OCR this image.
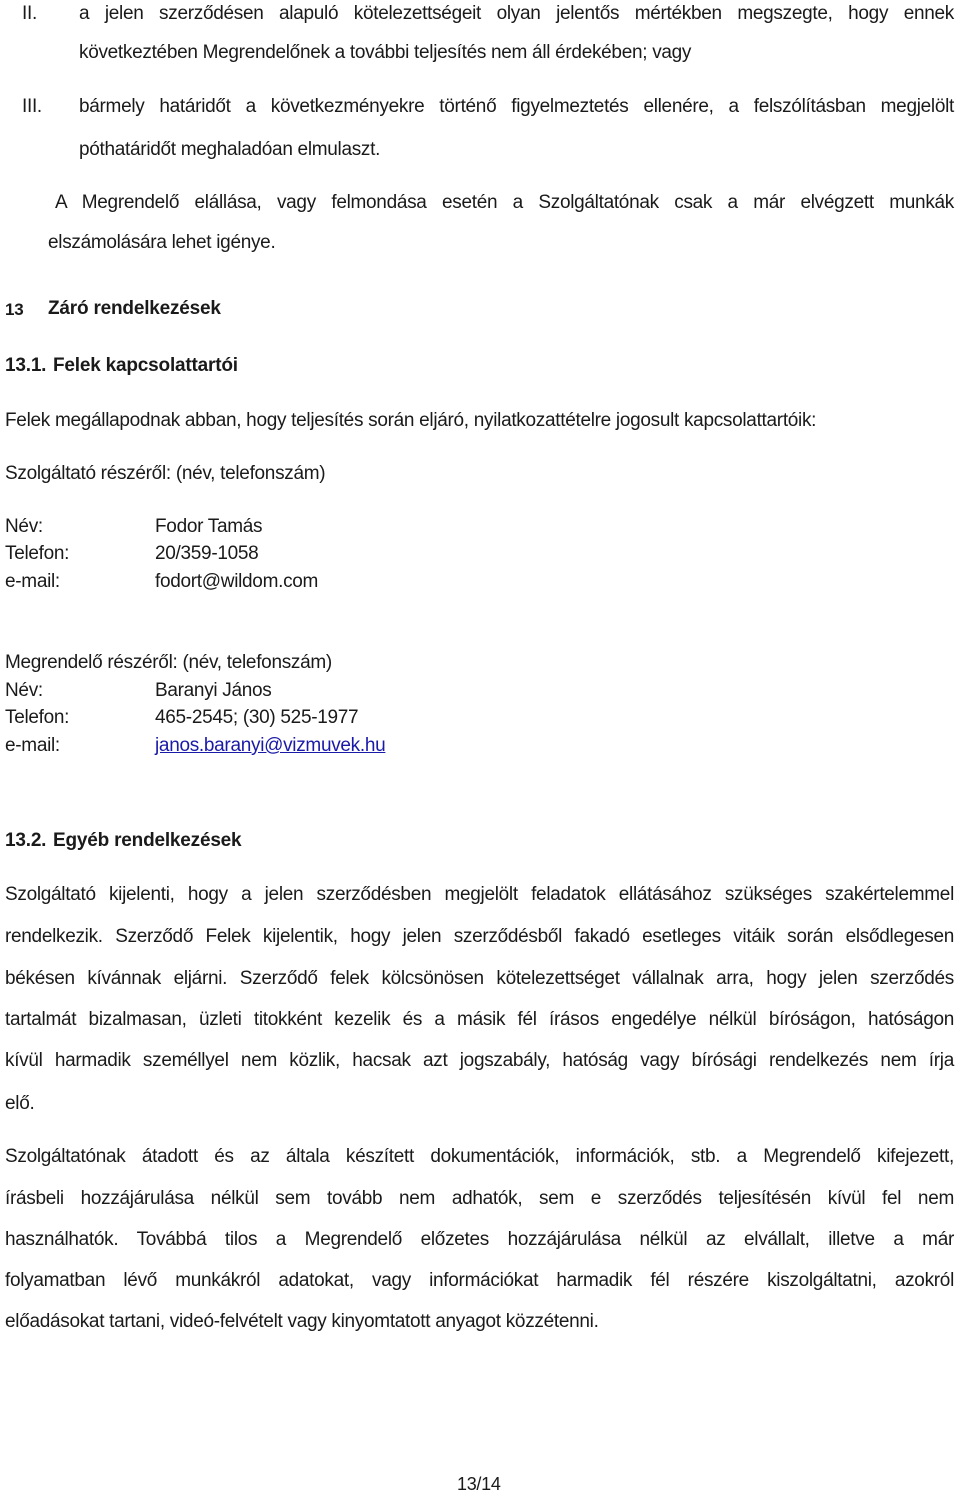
II. a jelen szerződésen alapuló kötelezettségeit olyan jelentős mértékben megszegte, hogy ennek
következtében Megrendelőnek a további teljesítés nem áll érdekében; vagy
III. bármely határidőt a következményekre történő figyelmeztetés ellenére, a felszólításban megjelölt
póthatáridőt meghaladóan elmulaszt.
A Megrendelő elállása, vagy felmondása esetén a Szolgáltatónak csak a már elvégzett munkák
elszámolására lehet igénye.
13 Záró rendelkezések
13.1. Felek kapcsolattartói
Felek megállapodnak abban, hogy teljesítés során eljáró, nyilatkozattételre jogosult kapcsolattartóik:
Szolgáltató részéről: (név, telefonszám)
Név:	Fodor Tamás
Telefon:	20/359-1058
e-mail:	fodort@wildom.com
Megrendelő részéről: (név, telefonszám)
Név:	Baranyi János
Telefon:	465-2545; (30) 525-1977
e-mail:	janos.baranyi@vizmuvek.hu
13.2. Egyéb rendelkezések
Szolgáltató kijelenti, hogy a jelen szerződésben megjelölt feladatok ellátásához szükséges szakértelemmel
rendelkezik. Szerződő Felek kijelentik, hogy jelen szerződésből fakadó esetleges vitáik során elsődlegesen
békésen kívánnak eljárni. Szerződő felek kölcsönösen kötelezettséget vállalnak arra, hogy jelen szerződés
tartalmát bizalmasan, üzleti titokként kezelik és a másik fél írásos engedélye nélkül bíróságon, hatóságon
kívül harmadik személlyel nem közlik, hacsak azt jogszabály, hatóság vagy bírósági rendelkezés nem írja
elő.
Szolgáltatónak átadott és az általa készített dokumentációk, információk, stb. a Megrendelő kifejezett,
írásbeli hozzájárulása nélkül sem tovább nem adhatók, sem e szerződés teljesítésén kívül fel nem
használhatók. Továbbá tilos a Megrendelő előzetes hozzájárulása nélkül az elvállalt, illetve a már
folyamatban lévő munkákról adatokat, vagy információkat harmadik fél részére kiszolgáltatni, azokról
előadásokat tartani, videó-felvételt vagy kinyomtatott anyagot közzétenni.
13/14
